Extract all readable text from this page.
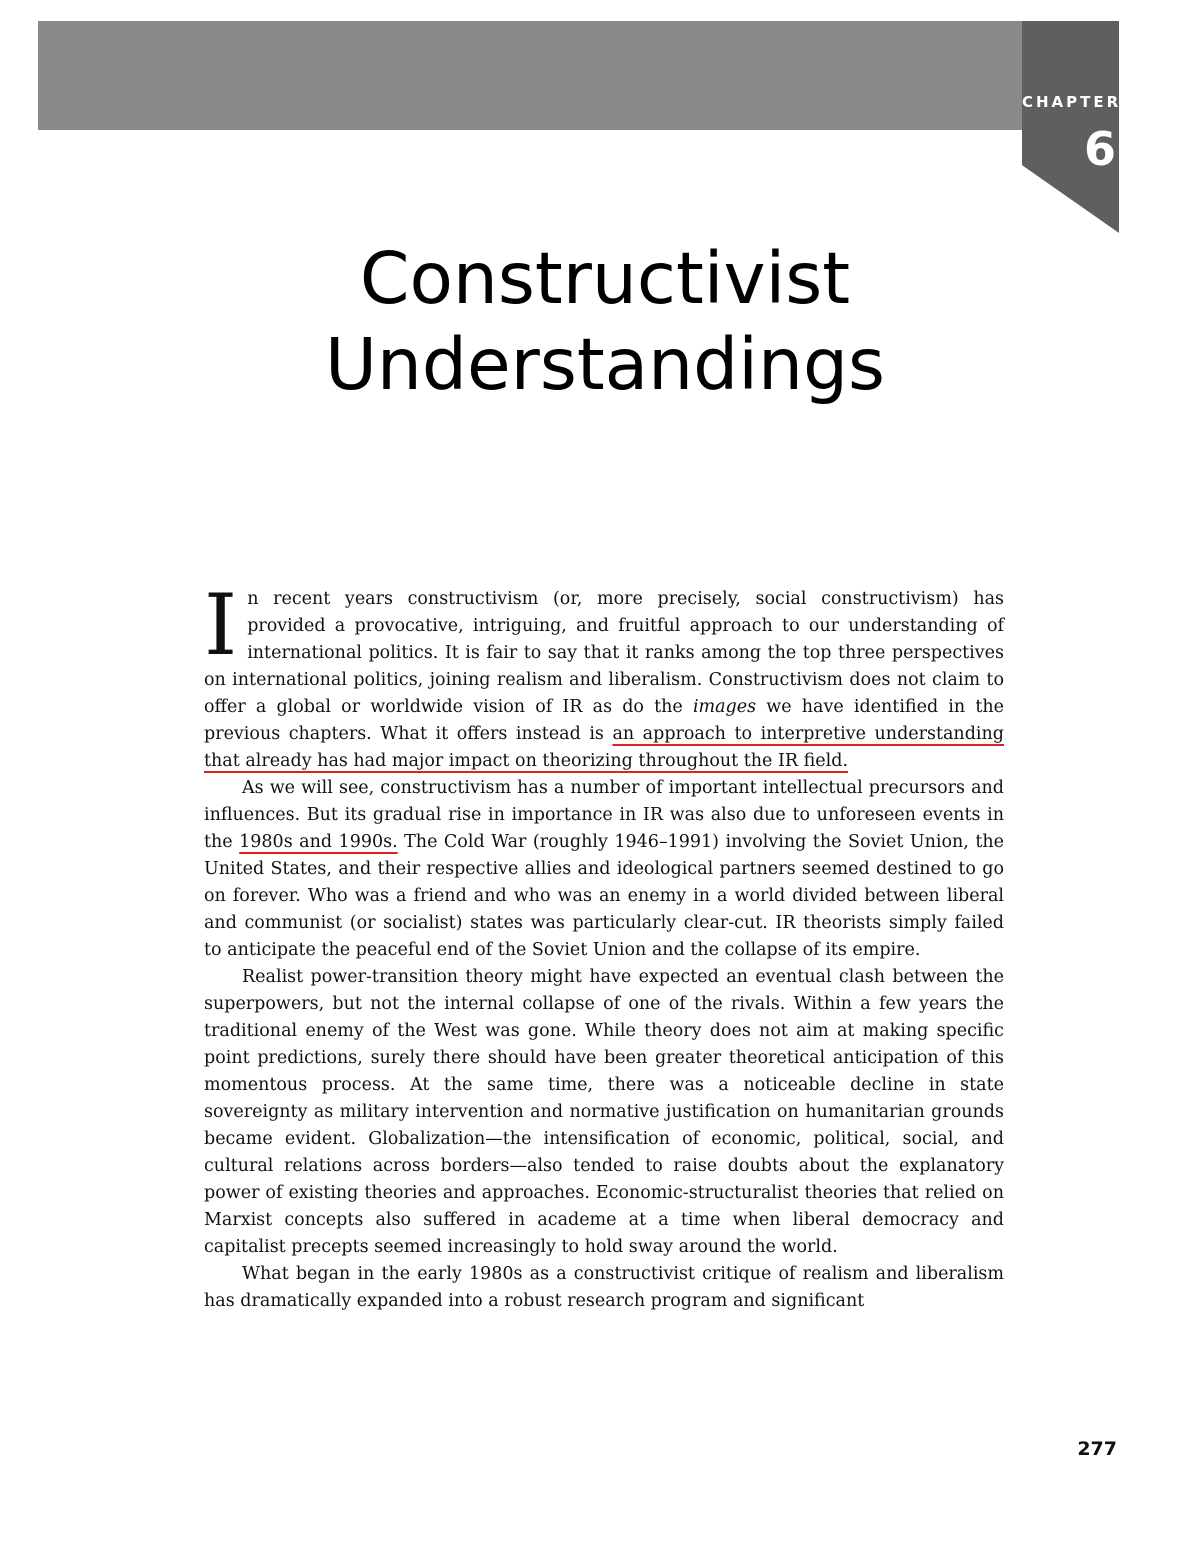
CHAPTER
6
Constructivist
Understandings

In recent years constructivism (or, more precisely, social constructivism) has provided a provocative, intriguing, and fruitful approach to our understanding of international politics. It is fair to say that it ranks among the top three perspectives on international politics, joining realism and liberalism. Constructivism does not claim to offer a global or worldwide vision of IR as do the images we have identified in the previous chapters. What it offers instead is an approach to interpretive understanding that already has had major impact on theorizing throughout the IR field.

As we will see, constructivism has a number of important intellectual precursors and influences. But its gradual rise in importance in IR was also due to unforeseen events in the 1980s and 1990s. The Cold War (roughly 1946–1991) involving the Soviet Union, the United States, and their respective allies and ideological partners seemed destined to go on forever. Who was a friend and who was an enemy in a world divided between liberal and communist (or socialist) states was particularly clear-cut. IR theorists simply failed to anticipate the peaceful end of the Soviet Union and the collapse of its empire.

Realist power-transition theory might have expected an eventual clash between the superpowers, but not the internal collapse of one of the rivals. Within a few years the traditional enemy of the West was gone. While theory does not aim at making specific point predictions, surely there should have been greater theoretical anticipation of this momentous process. At the same time, there was a noticeable decline in state sovereignty as military intervention and normative justification on humanitarian grounds became evident. Globalization—the intensification of economic, political, social, and cultural relations across borders—also tended to raise doubts about the explanatory power of existing theories and approaches. Economic-structuralist theories that relied on Marxist concepts also suffered in academe at a time when liberal democracy and capitalist precepts seemed increasingly to hold sway around the world.

What began in the early 1980s as a constructivist critique of realism and liberalism has dramatically expanded into a robust research program and significant

277
